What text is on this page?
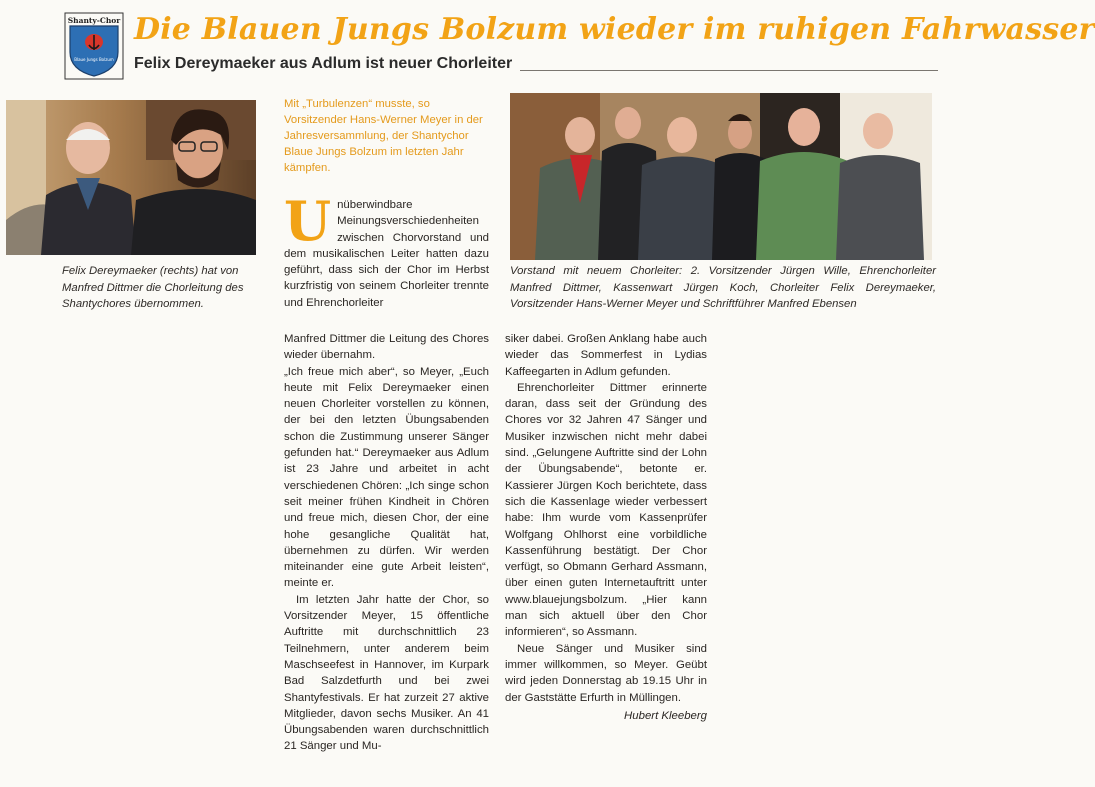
Shanty-Chor
Blaue Jungs Bolzum
Die Blauen Jungs Bolzum wieder im ruhigen Fahrwasser
Felix Dereymaeker aus Adlum ist neuer Chorleiter
Felix Dereymaeker (rechts) hat von Manfred Dittmer die Chorleitung des Shantychores übernommen.
Mit „Turbulenzen“ musste, so Vorsitzender Hans-Werner Meyer in der Jahresversammlung, der Shantychor Blaue Jungs Bolzum im letzten Jahr kämpfen.
Vorstand mit neuem Chorleiter: 2. Vorsitzender Jürgen Wille, Ehrenchorleiter Manfred Dittmer, Kassenwart Jürgen Koch, Chorleiter Felix Dereymaeker, Vorsitzender Hans-Werner Meyer und Schriftführer Manfred Ebensen

Unüberwindbare Meinungsverschiedenheiten zwischen Chorvorstand und dem musikalischen Leiter hatten dazu geführt, dass sich der Chor im Herbst kurzfristig von seinem Chorleiter trennte und Ehrenchorleiter

Manfred Dittmer die Leitung des Chores wieder übernahm.

„Ich freue mich aber“, so Meyer, „Euch heute mit Felix Dereymaeker einen neuen Chorleiter vorstellen zu können, der bei den letzten Übungsabenden schon die Zustimmung unserer Sänger gefunden hat.“ Dereymaeker aus Adlum ist 23 Jahre und arbeitet in acht verschiedenen Chören: „Ich singe schon seit meiner frühen Kindheit in Chören und freue mich, diesen Chor, der eine hohe gesangliche Qualität hat, übernehmen zu dürfen. Wir werden miteinander eine gute Arbeit leisten“, meinte er.

Im letzten Jahr hatte der Chor, so Vorsitzender Meyer, 15 öffentliche Auftritte mit durchschnittlich 23 Teilnehmern, unter anderem beim Maschseefest in Hannover, im Kurpark Bad Salzdetfurth und bei zwei Shantyfestivals. Er hat zurzeit 27 aktive Mitglieder, davon sechs Musiker. An 41 Übungsabenden waren durchschnittlich 21 Sänger und Mu-

siker dabei. Großen Anklang habe auch wieder das Sommerfest in Lydias Kaffeegarten in Adlum gefunden.

Ehrenchorleiter Dittmer erinnerte daran, dass seit der Gründung des Chores vor 32 Jahren 47 Sänger und Musiker inzwischen nicht mehr dabei sind. „Gelungene Auftritte sind der Lohn der Übungsabende“, betonte er. Kassierer Jürgen Koch berichtete, dass sich die Kassenlage wieder verbessert habe: Ihm wurde vom Kassenprüfer Wolfgang Ohlhorst eine vorbildliche Kassenführung bestätigt. Der Chor verfügt, so Obmann Gerhard Assmann, über einen guten Internetauftritt unter www.blauejungsbolzum. „Hier kann man sich aktuell über den Chor informieren“, so Assmann.

Neue Sänger und Musiker sind immer willkommen, so Meyer. Geübt wird jeden Donnerstag ab 19.15 Uhr in der Gaststätte Erfurth in Müllingen.

Hubert Kleeberg
